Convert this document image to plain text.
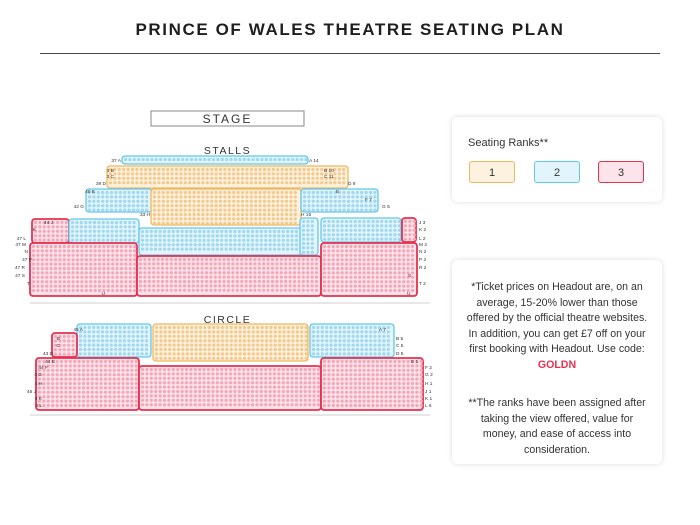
PRINCE OF WALES THEATRE SEATING PLAN
STAGE
STALLS
CIRCLE
37 A
3 B
3 C
39 D
40 E
42 G
44 J
K
47 L
47 M
N
47 P
47 R
47 S
T
U
A 14
B 10
C 11
D 9
E
F 7
G 5
J 3
K 2
L 2
M 2
N 2
P 2
R 2
S
T 2
U
33 H	H 15
45 A
B
C
43 D
44 E
44 F
4 G
4 H
46 J
4 K
4 L
A 7
B 5
C 5
D 5
E 1
F 2
G 2
H 1
J 1
K 1
L 6
Seating Ranks**
1	2	3

*Ticket prices on Headout are, on an average, 15-20% lower than those offered by the official theatre websites. In addition, you can get £7 off on your first booking with Headout. Use code: GOLDN

**The ranks have been assigned after taking the view offered, value for money, and ease of access into consideration.
